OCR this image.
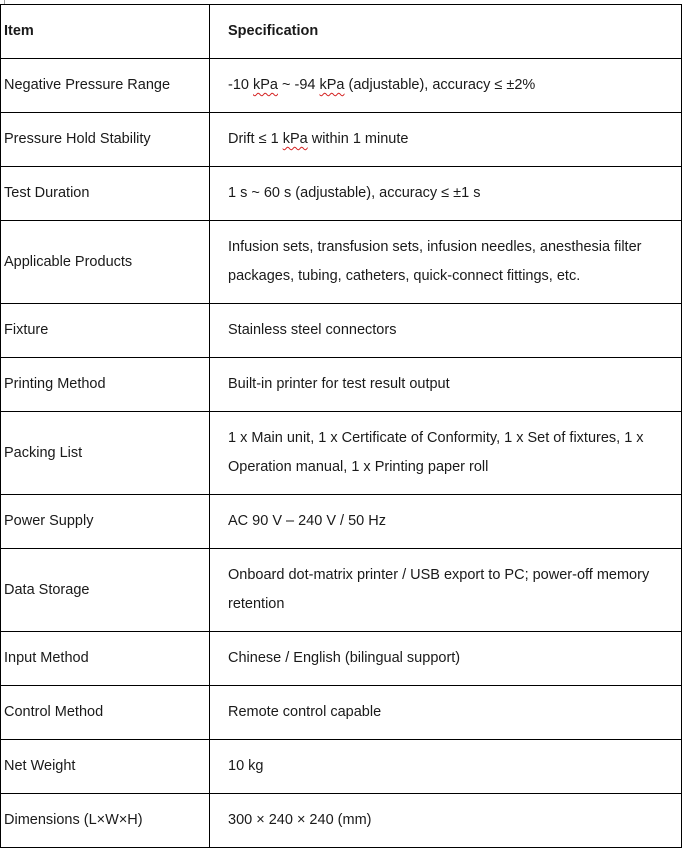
Item	Specification
Negative Pressure Range	-10 kPa ~ -94 kPa (adjustable), accuracy ≤ ±2%
Pressure Hold Stability	Drift ≤ 1 kPa within 1 minute
Test Duration	1 s ~ 60 s (adjustable), accuracy ≤ ±1 s
Applicable Products	Infusion sets, transfusion sets, infusion needles, anesthesia filter packages, tubing, catheters, quick-connect fittings, etc.
Fixture	Stainless steel connectors
Printing Method	Built-in printer for test result output
Packing List	1 x Main unit, 1 x Certificate of Conformity, 1 x Set of fixtures, 1 x Operation manual, 1 x Printing paper roll
Power Supply	AC 90 V – 240 V / 50 Hz
Data Storage	Onboard dot-matrix printer / USB export to PC; power-off memory retention
Input Method	Chinese / English (bilingual support)
Control Method	Remote control capable
Net Weight	10 kg
Dimensions (L×W×H)	300 × 240 × 240 (mm)
